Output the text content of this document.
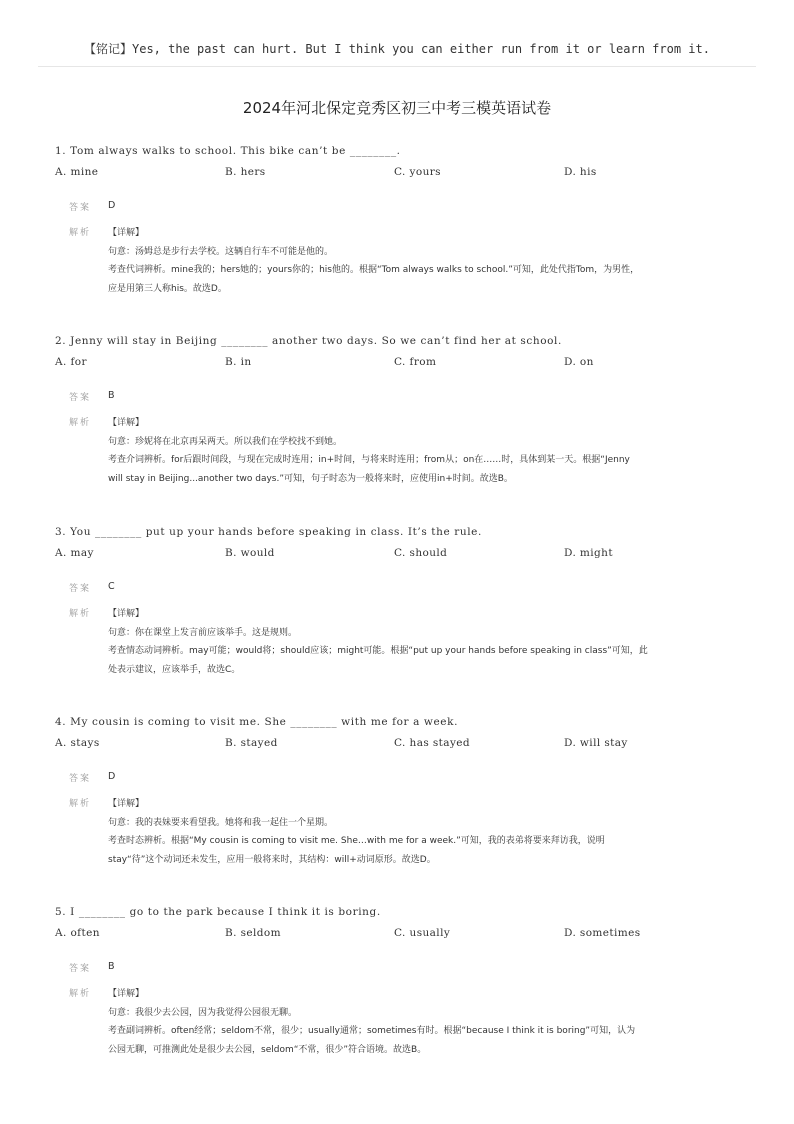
【铭记】Yes, the past can hurt. But I think you can either run from it or learn from it.
2024年河北保定竞秀区初三中考三模英语试卷
1. Tom always walks to school. This bike can’t be ________.
A. mine	B. hers	C. yours	D. his
答案 D
解析 【详解】

句意：汤姆总是步行去学校。这辆自行车不可能是他的。

考查代词辨析。mine我的；hers她的；yours你的；his他的。根据“Tom always walks to school.”可知，此处代指Tom，为男性，

应是用第三人称his。故选D。

2. Jenny will stay in Beijing ________ another two days. So we can’t find her at school.
A. for	B. in	C. from	D. on
答案 B
解析 【详解】

句意：珍妮将在北京再呆两天。所以我们在学校找不到她。

考查介词辨析。for后跟时间段，与现在完成时连用；in+时间，与将来时连用；from从；on在……时，具体到某一天。根据“Jenny

will stay in Beijing...another two days.”可知，句子时态为一般将来时，应使用in+时间。故选B。

3. You ________ put up your hands before speaking in class. It’s the rule.
A. may	B. would	C. should	D. might
答案 C
解析 【详解】

句意：你在课堂上发言前应该举手。这是规则。

考查情态动词辨析。may可能；would将；should应该；might可能。根据“put up your hands before speaking in class”可知，此

处表示建议，应该举手，故选C。

4. My cousin is coming to visit me. She ________ with me for a week.
A. stays	B. stayed	C. has stayed	D. will stay
答案 D
解析 【详解】

句意：我的表妹要来看望我。她将和我一起住一个星期。

考查时态辨析。根据“My cousin is coming to visit me. She…with me for a week.”可知，我的表弟将要来拜访我，说明

stay“待”这个动词还未发生，应用一般将来时，其结构：will+动词原形。故选D。

5. I ________ go to the park because I think it is boring.
A. often	B. seldom	C. usually	D. sometimes
答案 B
解析 【详解】

句意：我很少去公园，因为我觉得公园很无聊。

考查副词辨析。often经常；seldom不常，很少；usually通常；sometimes有时。根据“because I think it is boring”可知，认为

公园无聊，可推测此处是很少去公园，seldom“不常，很少”符合语境。故选B。
